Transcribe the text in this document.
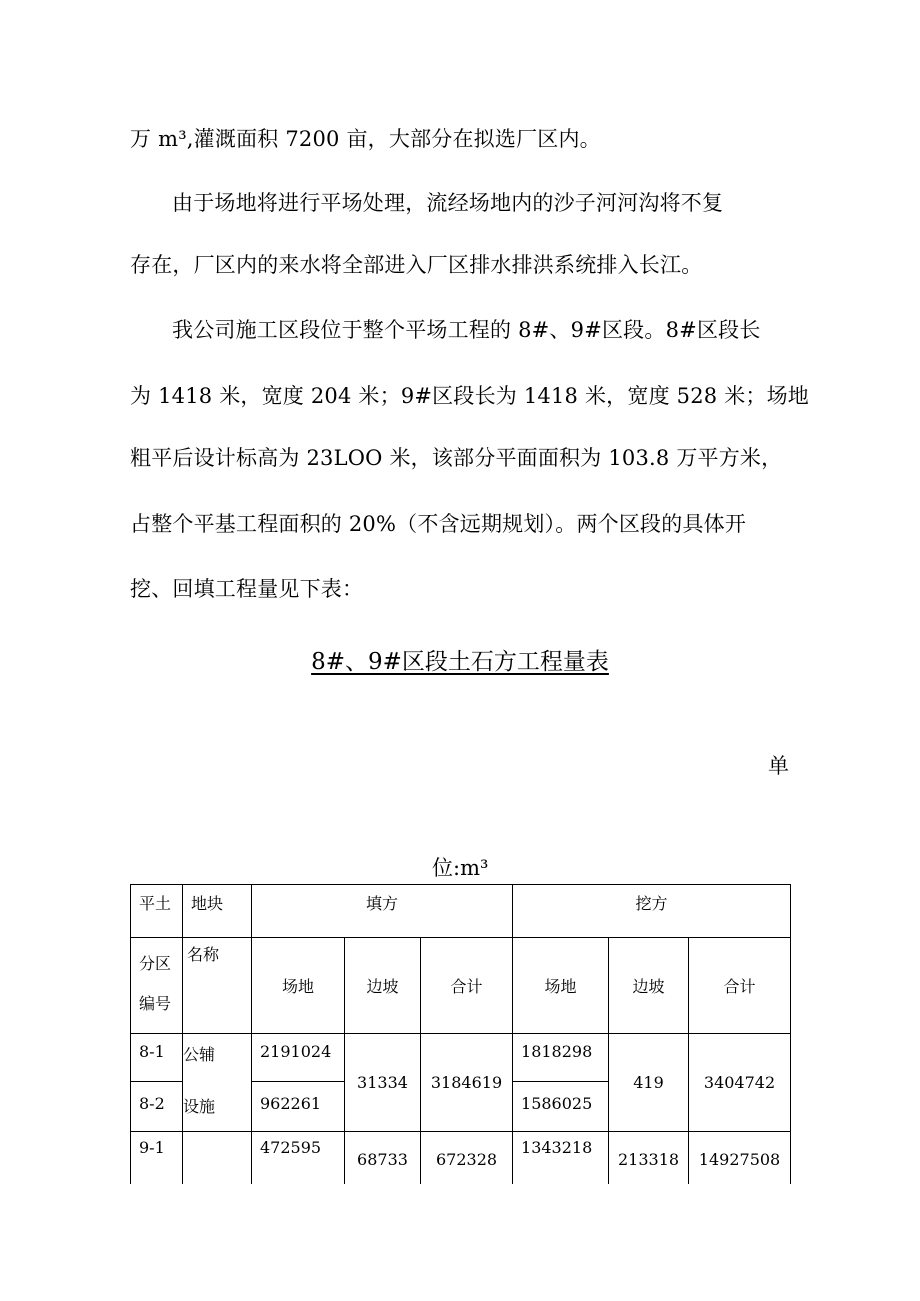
万 m³,灌溉面积 7200 亩，大部分在拟选厂区内。
由于场地将进行平场处理，流经场地内的沙子河河沟将不复
存在，厂区内的来水将全部进入厂区排水排洪系统排入长江。
我公司施工区段位于整个平场工程的 8#、9#区段。8#区段长
为 1418 米，宽度 204 米；9#区段长为 1418 米，宽度 528 米；场地
粗平后设计标高为 23LOO 米，该部分平面面积为 103.8 万平方米，
占整个平基工程面积的 20%（不含远期规划）。两个区段的具体开
挖、回填工程量见下表：
8#、9#区段土石方工程量表
单
位:m³
平土	地块	填方			挖方		
分区编号	名称	场地	边坡	合计	场地	边坡	合计
8-1	公辅	2191024	31334	3184619	1818298	419	3404742
8-2	设施	962261			1586025		
9-1		472595	68733	672328	1343218	213318	14927508
